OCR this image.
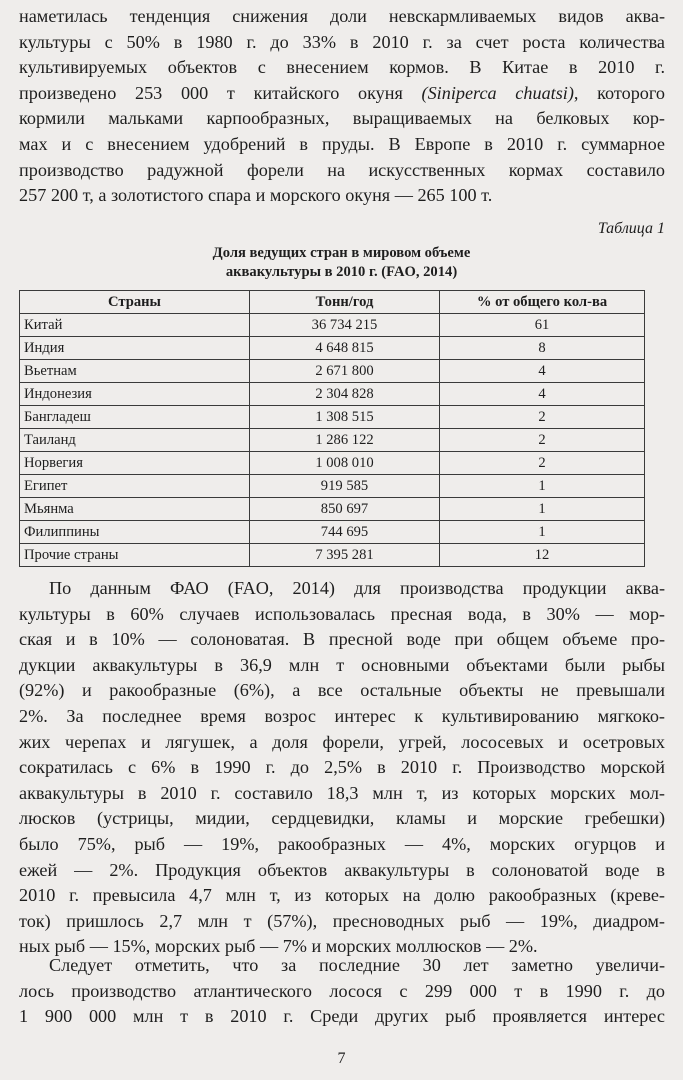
наметилась тенденция снижения доли невскармливаемых видов аква-
культуры с 50% в 1980 г. до 33% в 2010 г. за счет роста количества
культивируемых объектов с внесением кормов. В Китае в 2010 г.
произведено 253 000 т китайского окуня (Siniperca chuatsi), которого
кормили мальками карпообразных, выращиваемых на белковых кор-
мах и с внесением удобрений в пруды. В Европе в 2010 г. суммарное
производство радужной форели на искусственных кормах составило
257 200 т, а золотистого спара и морского окуня — 265 100 т.
Таблица 1
Доля ведущих стран в мировом объеме
аквакультуры в 2010 г. (FAO, 2014)
Страны	Тонн/год	% от общего кол-ва
Китай	36 734 215	61
Индия	4 648 815	8
Вьетнам	2 671 800	4
Индонезия	2 304 828	4
Бангладеш	1 308 515	2
Таиланд	1 286 122	2
Норвегия	1 008 010	2
Египет	919 585	1
Мьянма	850 697	1
Филиппины	744 695	1
Прочие страны	7 395 281	12
По данным ФАО (FAO, 2014) для производства продукции аква-
культуры в 60% случаев использовалась пресная вода, в 30% — мор-
ская и в 10% — солоноватая. В пресной воде при общем объеме про-
дукции аквакультуры в 36,9 млн т основными объектами были рыбы
(92%) и ракообразные (6%), а все остальные объекты не превышали
2%. За последнее время возрос интерес к культивированию мягкоко-
жих черепах и лягушек, а доля форели, угрей, лососевых и осетровых
сократилась с 6% в 1990 г. до 2,5% в 2010 г. Производство морской
аквакультуры в 2010 г. составило 18,3 млн т, из которых морских мол-
люсков (устрицы, мидии, сердцевидки, кламы и морские гребешки)
было 75%, рыб — 19%, ракообразных — 4%, морских огурцов и
ежей — 2%. Продукция объектов аквакультуры в солоноватой воде в
2010 г. превысила 4,7 млн т, из которых на долю ракообразных (креве-
ток) пришлось 2,7 млн т (57%), пресноводных рыб — 19%, диадром-
ных рыб — 15%, морских рыб — 7% и морских моллюсков — 2%.
Следует отметить, что за последние 30 лет заметно увеличи-
лось производство атлантического лосося с 299 000 т в 1990 г. до
1 900 000 млн т в 2010 г. Среди других рыб проявляется интерес
7
